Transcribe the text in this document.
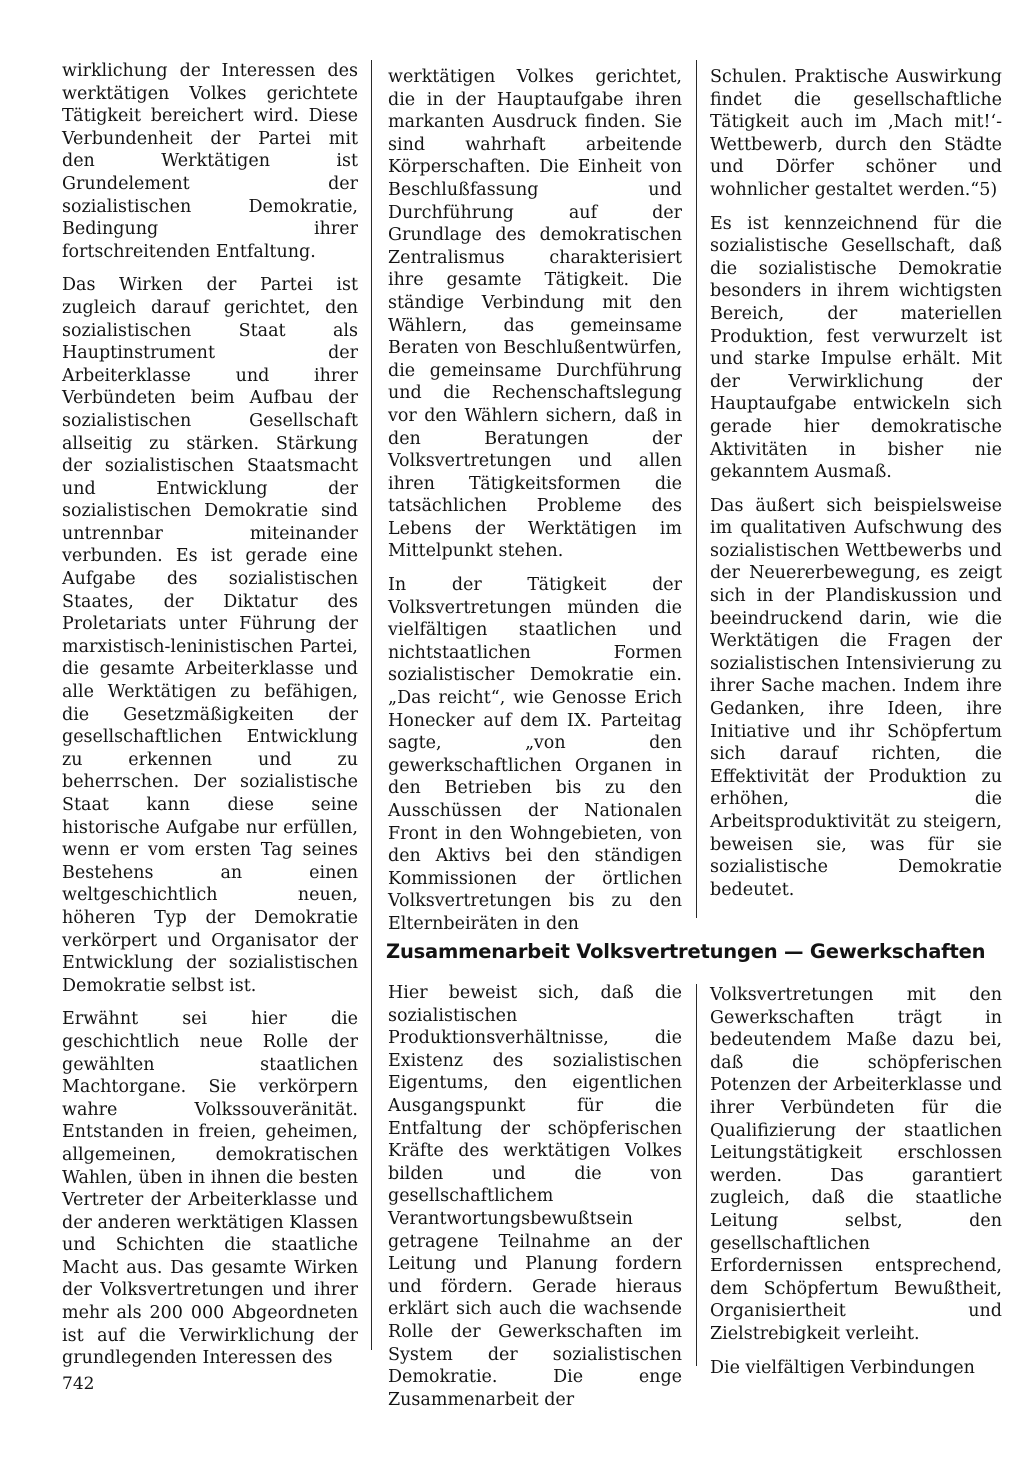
wirklichung der Interessen des werktätigen Volkes gerichtete Tätigkeit bereichert wird. Diese Verbundenheit der Partei mit den Werktätigen ist Grundelement der sozialistischen Demokratie, Bedingung ihrer fortschreitenden Entfaltung.

Das Wirken der Partei ist zugleich darauf gerichtet, den sozialistischen Staat als Hauptinstrument der Arbeiterklasse und ihrer Verbündeten beim Aufbau der sozialistischen Gesellschaft allseitig zu stärken. Stärkung der sozialistischen Staatsmacht und Entwicklung der sozialistischen Demokratie sind untrennbar miteinander verbunden. Es ist gerade eine Aufgabe des sozialistischen Staates, der Diktatur des Proletariats unter Führung der marxistisch-leninistischen Partei, die gesamte Arbeiterklasse und alle Werktätigen zu befähigen, die Gesetzmäßigkeiten der gesellschaftlichen Entwicklung zu erkennen und zu beherrschen. Der sozialistische Staat kann diese seine historische Aufgabe nur erfüllen, wenn er vom ersten Tag seines Bestehens an einen weltgeschichtlich neuen, höheren Typ der Demokratie verkörpert und Organisator der Entwicklung der sozialistischen Demokratie selbst ist.

Erwähnt sei hier die geschichtlich neue Rolle der gewählten staatlichen Machtorgane. Sie verkörpern wahre Volkssouveränität. Entstanden in freien, geheimen, allgemeinen, demokratischen Wahlen, üben in ihnen die besten Vertreter der Arbeiterklasse und der anderen werktätigen Klassen und Schichten die staatliche Macht aus. Das gesamte Wirken der Volksvertretungen und ihrer mehr als 200 000 Abgeordneten ist auf die Verwirklichung der grundlegenden Interessen des

werktätigen Volkes gerichtet, die in der Hauptaufgabe ihren markanten Ausdruck finden. Sie sind wahrhaft arbeitende Körperschaften. Die Einheit von Beschlußfassung und Durchführung auf der Grundlage des demokratischen Zentralismus charakterisiert ihre gesamte Tätigkeit. Die ständige Verbindung mit den Wählern, das gemeinsame Beraten von Beschlußentwürfen, die gemeinsame Durchführung und die Rechenschaftslegung vor den Wählern sichern, daß in den Beratungen der Volksvertretungen und allen ihren Tätigkeitsformen die tatsächlichen Probleme des Lebens der Werktätigen im Mittelpunkt stehen.

In der Tätigkeit der Volksvertretungen münden die vielfältigen staatlichen und nichtstaatlichen Formen sozialistischer Demokratie ein. „Das reicht“, wie Genosse Erich Honecker auf dem IX. Parteitag sagte, „von den gewerkschaftlichen Organen in den Betrieben bis zu den Ausschüssen der Nationalen Front in den Wohngebieten, von den Aktivs bei den ständigen Kommissionen der örtlichen Volksvertretungen bis zu den Elternbeiräten in den

Schulen. Praktische Auswirkung findet die gesellschaftliche Tätigkeit auch im ‚Mach mit!‘-Wettbewerb, durch den Städte und Dörfer schöner und wohnlicher gestaltet werden.“5)

Es ist kennzeichnend für die sozialistische Gesellschaft, daß die sozialistische Demokratie besonders in ihrem wichtigsten Bereich, der materiellen Produktion, fest verwurzelt ist und starke Impulse erhält. Mit der Verwirklichung der Hauptaufgabe entwickeln sich gerade hier demokratische Aktivitäten in bisher nie gekanntem Ausmaß.

Das äußert sich beispielsweise im qualitativen Aufschwung des sozialistischen Wettbewerbs und der Neuererbewegung, es zeigt sich in der Plandiskussion und beeindruckend darin, wie die Werktätigen die Fragen der sozialistischen Intensivierung zu ihrer Sache machen. Indem ihre Gedanken, ihre Ideen, ihre Initiative und ihr Schöpfertum sich darauf richten, die Effektivität der Produktion zu erhöhen, die Arbeitsproduktivität zu steigern, beweisen sie, was für sie sozialistische Demokratie bedeutet.

Zusammenarbeit Volksvertretungen — Gewerkschaften

Hier beweist sich, daß die sozialistischen Produktionsverhältnisse, die Existenz des sozialistischen Eigentums, den eigentlichen Ausgangspunkt für die Entfaltung der schöpferischen Kräfte des werktätigen Volkes bilden und die von gesellschaftlichem Verantwortungsbewußtsein getragene Teilnahme an der Leitung und Planung fordern und fördern. Gerade hieraus erklärt sich auch die wachsende Rolle der Gewerkschaften im System der sozialistischen Demokratie. Die enge Zusammenarbeit der

Volksvertretungen mit den Gewerkschaften trägt in bedeutendem Maße dazu bei, daß die schöpferischen Potenzen der Arbeiterklasse und ihrer Verbündeten für die Qualifizierung der staatlichen Leitungstätigkeit erschlossen werden. Das garantiert zugleich, daß die staatliche Leitung selbst, den gesellschaftlichen Erfordernissen entsprechend, dem Schöpfertum Bewußtheit, Organisiertheit und Zielstrebigkeit verleiht.

Die vielfältigen Verbindungen

742
